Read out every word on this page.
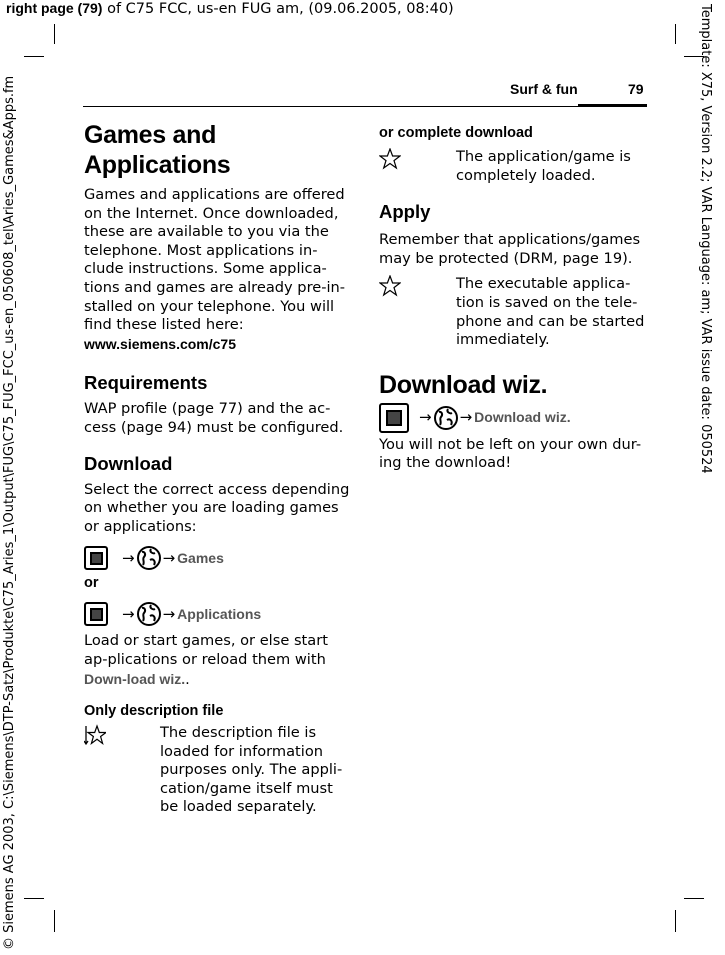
right page (79) of C75 FCC, us-en FUG am, (09.06.2005, 08:40)	Template: X75, Version 2.2; VAR Language: am; VAR issue date: 050524
© Siemens AG 2003, C:\Siemens\DTP-Satz\Produkte\C75_Aries_1\Output\FUG\C75_FUG_FCC_us-en_050608_tel\Aries_Games&Apps.fm	Surf & fun	79
Games and Applications

Games and applications are offered on the Internet. Once downloaded, these are available to you via the telephone. Most applications in-clude instructions. Some applica-tions and games are already pre-in-stalled on your telephone. You will find these listed here:

www.siemens.com/c75
Requirements

WAP profile (page 77) and the ac-cess (page 94) must be configured.

Download

Select the correct access depending on whether you are loading games or applications:

→ → Games
or
→ → Applications

Load or start games, or else start ap-plications or reload them with Down-load wiz..

Only description file

The description file is loaded for information purposes only. The appli-cation/game itself must be loaded separately.

or complete download

The application/game is completely loaded.

Apply

Remember that applications/games may be protected (DRM, page 19).

The executable applica-tion is saved on the tele-phone and can be started immediately.

Download wiz.
→ → Download wiz.

You will not be left on your own dur-ing the download!
